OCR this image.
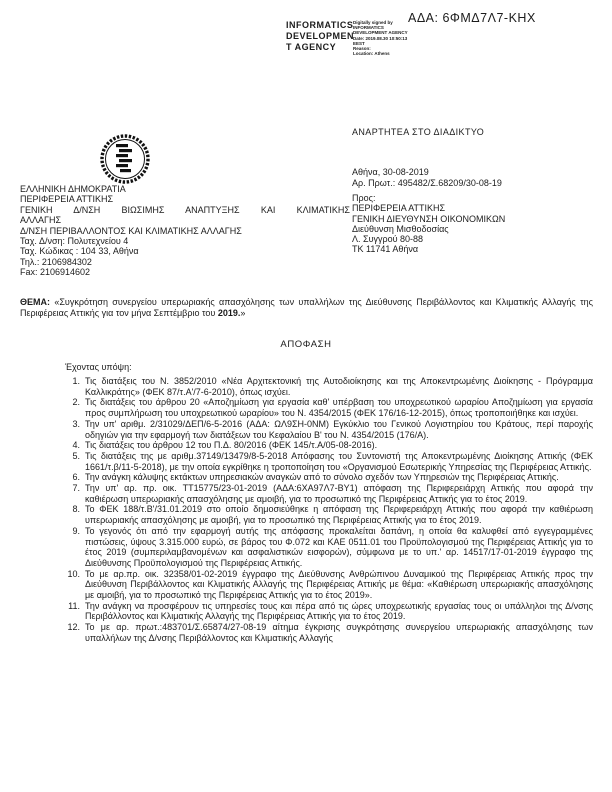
ΑΔΑ: 6ΦΜΔ7Λ7-ΚΗΧ
INFORMATICS
DEVELOPMEN
T AGENCY
Digitally signed by
INFORMATICS
DEVELOPMENT AGENCY
Date: 2019.08.30 10:50:13
EEST
Reason:
Location: Athens
ΑΝΑΡΤΗΤΕΑ ΣΤΟ ΔΙΑΔΙΚΤΥΟ
ΕΛΛΗΝΙΚΗ ΔΗΜΟΚΡΑΤΙΑ
ΠΕΡΙΦΕΡΕΙΑ ΑΤΤΙΚΗΣ
ΓΕΝΙΚΗ Δ/ΝΣΗ ΒΙΩΣΙΜΗΣ ΑΝΑΠΤΥΞΗΣ ΚΑΙ ΚΛΙΜΑΤΙΚΗΣ
ΑΛΛΑΓΗΣ
Δ/ΝΣΗ ΠΕΡΙΒΑΛΛΟΝΤΟΣ ΚΑΙ ΚΛΙΜΑΤΙΚΗΣ ΑΛΛΑΓΗΣ
Ταχ. Δ/νση: Πολυτεχνείου 4
Ταχ. Κώδικας : 104 33, Αθήνα
Τηλ.: 2106984302
Fax: 2106914602
Αθήνα, 30-08-2019
Αρ. Πρωτ.: 495482/Σ.68209/30-08-19
Προς:
ΠΕΡΙΦΕΡΕΙΑ ΑΤΤΙΚΗΣ
ΓΕΝΙΚΗ ΔΙΕΥΘΥΝΣΗ ΟΙΚΟΝΟΜΙΚΩΝ
Διεύθυνση Μισθοδοσίας
Λ. Συγγρού 80-88
ΤΚ 11741 Αθήνα

ΘΕΜΑ: «Συγκρότηση συνεργείου υπερωριακής απασχόλησης των υπαλλήλων της Διεύθυνσης Περιβάλλοντος και Κλιματικής Αλλαγής της Περιφέρειας Αττικής για τον μήνα Σεπτέμβριο του 2019.»

ΑΠΟΦΑΣΗ
Έχοντας υπόψη:
1. Τις διατάξεις του Ν. 3852/2010 «Νέα Αρχιτεκτονική της Αυτοδιοίκησης και της Αποκεντρωμένης Διοίκησης - Πρόγραμμα Καλλικράτης» (ΦΕΚ 87/τ.Α'/7-6-2010), όπως ισχύει.
2. Τις διατάξεις του άρθρου 20 «Αποζημίωση για εργασία καθ' υπέρβαση του υποχρεωτικού ωραρίου Αποζημίωση για εργασία προς συμπλήρωση του υποχρεωτικού ωραρίου» του Ν. 4354/2015 (ΦΕΚ 176/16-12-2015), όπως τροποποιήθηκε και ισχύει.
3. Την υπ' αριθμ. 2/31029/ΔΕΠ/6-5-2016 (ΑΔΑ: ΩΛ9ΣΗ-0ΝΜ) Εγκύκλιο του Γενικού Λογιστηρίου του Κράτους, περί παροχής οδηγιών για την εφαρμογή των διατάξεων του Κεφαλαίου Β' του Ν. 4354/2015 (176/Α).
4. Τις διατάξεις του άρθρου 12 του Π.Δ. 80/2016 (ΦΕΚ 145/τ.Α/05-08-2016).
5. Τις διατάξεις της με αριθμ.37149/13479/8-5-2018 Απόφασης του Συντονιστή της Αποκεντρωμένης Διοίκησης Αττικής (ΦΕΚ 1661/τ.β/11-5-2018), με την οποία εγκρίθηκε η τροποποίηση του «Οργανισμού Εσωτερικής Υπηρεσίας της Περιφέρειας Αττικής.
6. Την ανάγκη κάλυψης εκτάκτων υπηρεσιακών αναγκών από το σύνολο σχεδόν των Υπηρεσιών της Περιφέρειας Αττικής.
7. Την υπ' αρ. πρ. οικ. ΤΤ15775/23-01-2019 (ΑΔΑ:6ΧΑ97Λ7-ΒΥ1) απόφαση της Περιφερειάρχη Αττικής που αφορά την καθιέρωση υπερωριακής απασχόλησης με αμοιβή, για το προσωπικό της Περιφέρειας Αττικής για το έτος 2019.
8. Το ΦΕΚ 188/τ.Β'/31.01.2019 στο οποίο δημοσιεύθηκε η απόφαση της Περιφερειάρχη Αττικής που αφορά την καθιέρωση υπερωριακής απασχόλησης με αμοιβή, για το προσωπικό της Περιφέρειας Αττικής για το έτος 2019.
9. Το γεγονός ότι από την εφαρμογή αυτής της απόφασης προκαλείται δαπάνη, η οποία θα καλυφθεί από εγγεγραμμένες πιστώσεις, ύψους 3.315.000 ευρώ, σε βάρος του Φ.072 και ΚΑΕ 0511.01 του Προϋπολογισμού της Περιφέρειας Αττικής για το έτος 2019 (συμπεριλαμβανομένων και ασφαλιστικών εισφορών), σύμφωνα με το υπ.' αρ. 14517/17-01-2019 έγγραφο της Διεύθυνσης Προϋπολογισμού της Περιφέρειας Αττικής.
10. Το με αρ.πρ. οικ. 32358/01-02-2019 έγγραφο της Διεύθυνσης Ανθρώπινου Δυναμικού της Περιφέρειας Αττικής προς την Διεύθυνση Περιβάλλοντος και Κλιματικής Αλλαγής της Περιφέρειας Αττικής με θέμα: «Καθιέρωση υπερωριακής απασχόλησης με αμοιβή, για το προσωπικό της Περιφέρειας Αττικής για το έτος 2019».
11. Την ανάγκη να προσφέρουν τις υπηρεσίες τους και πέρα από τις ώρες υποχρεωτικής εργασίας τους οι υπάλληλοι της Δ/νσης Περιβάλλοντος και Κλιματικής Αλλαγής της Περιφέρειας Αττικής για το έτος 2019.
12. Το με αρ. πρωτ.:483701/Σ.65874/27-08-19 αίτημα έγκρισης συγκρότησης συνεργείου υπερωριακής απασχόλησης των υπαλλήλων της Δ/νσης Περιβάλλοντος και Κλιματικής Αλλαγής
